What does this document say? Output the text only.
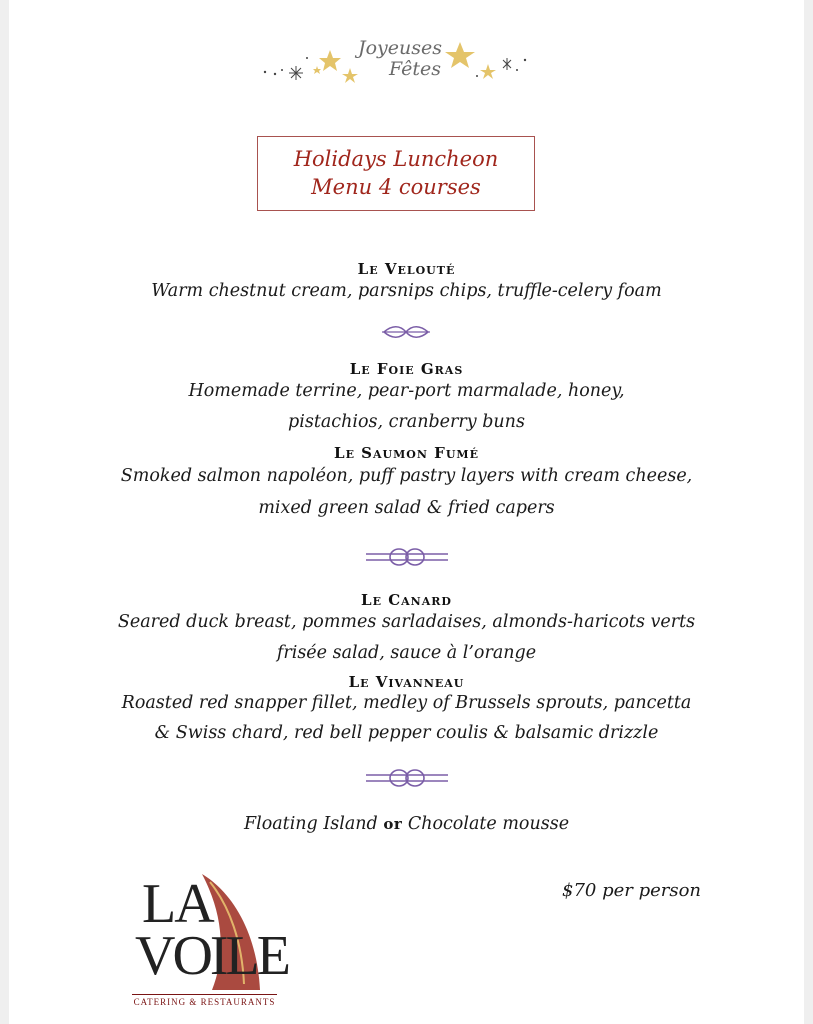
Joyeuses
Fêtes
Holidays Luncheon
Menu 4 courses
Le Velouté
Warm chestnut cream, parsnips chips, truffle-celery foam
Le Foie Gras
Homemade terrine, pear-port marmalade, honey,
pistachios, cranberry buns
Le Saumon Fumé
Smoked salmon napoléon, puff pastry layers with cream cheese,
mixed green salad & fried capers
Le Canard
Seared duck breast, pommes sarladaises, almonds-haricots verts
frisée salad, sauce à l’orange
Le Vivanneau
Roasted red snapper fillet, medley of Brussels sprouts, pancetta
& Swiss chard, red bell pepper coulis & balsamic drizzle
Floating Island or Chocolate mousse
LA
VOILE
CATERING & RESTAURANTS
$70 per person
